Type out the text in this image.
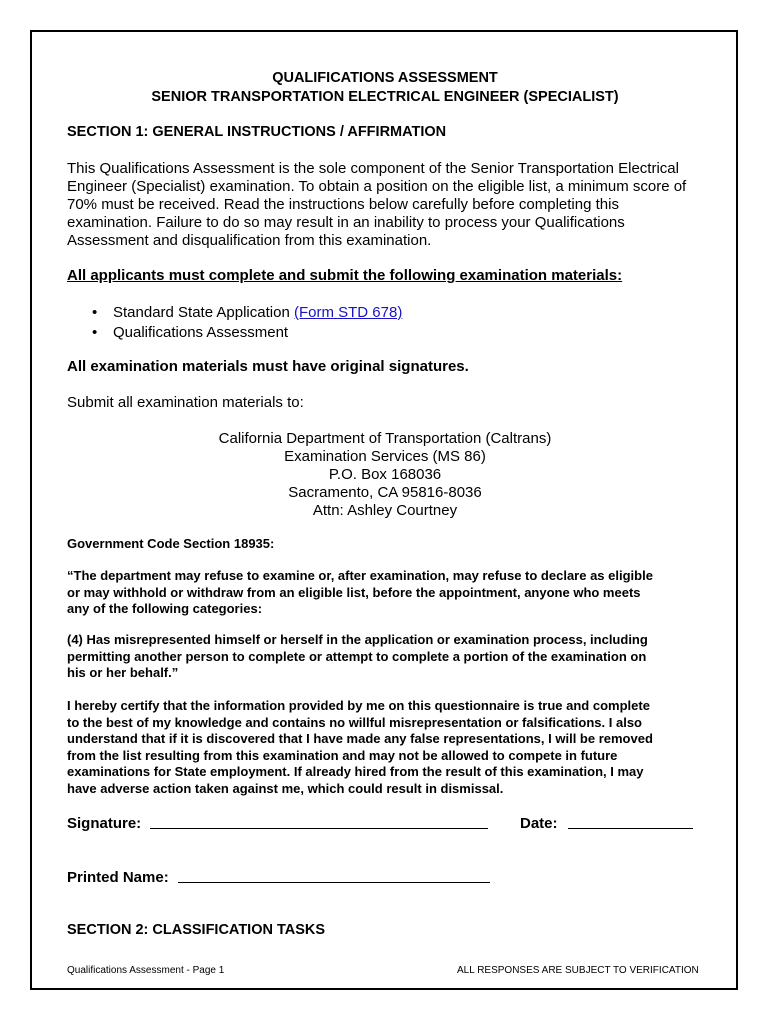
QUALIFICATIONS ASSESSMENT
SENIOR TRANSPORTATION ELECTRICAL ENGINEER (SPECIALIST)
SECTION 1: GENERAL INSTRUCTIONS / AFFIRMATION
This Qualifications Assessment is the sole component of the Senior Transportation Electrical
Engineer (Specialist) examination. To obtain a position on the eligible list, a minimum score of
70% must be received. Read the instructions below carefully before completing this
examination. Failure to do so may result in an inability to process your Qualifications
Assessment and disqualification from this examination.
All applicants must complete and submit the following examination materials:
• Standard State Application (Form STD 678)
• Qualifications Assessment
All examination materials must have original signatures.
Submit all examination materials to:
California Department of Transportation (Caltrans)
Examination Services (MS 86)
P.O. Box 168036
Sacramento, CA 95816-8036
Attn: Ashley Courtney
Government Code Section 18935:
“The department may refuse to examine or, after examination, may refuse to declare as eligible
or may withhold or withdraw from an eligible list, before the appointment, anyone who meets
any of the following categories:
(4) Has misrepresented himself or herself in the application or examination process, including
permitting another person to complete or attempt to complete a portion of the examination on
his or her behalf.”
I hereby certify that the information provided by me on this questionnaire is true and complete
to the best of my knowledge and contains no willful misrepresentation or falsifications. I also
understand that if it is discovered that I have made any false representations, I will be removed
from the list resulting from this examination and may not be allowed to compete in future
examinations for State employment. If already hired from the result of this examination, I may
have adverse action taken against me, which could result in dismissal.
Signature:	Date:
Printed Name:
SECTION 2: CLASSIFICATION TASKS
Qualifications Assessment - Page 1	ALL RESPONSES ARE SUBJECT TO VERIFICATION
